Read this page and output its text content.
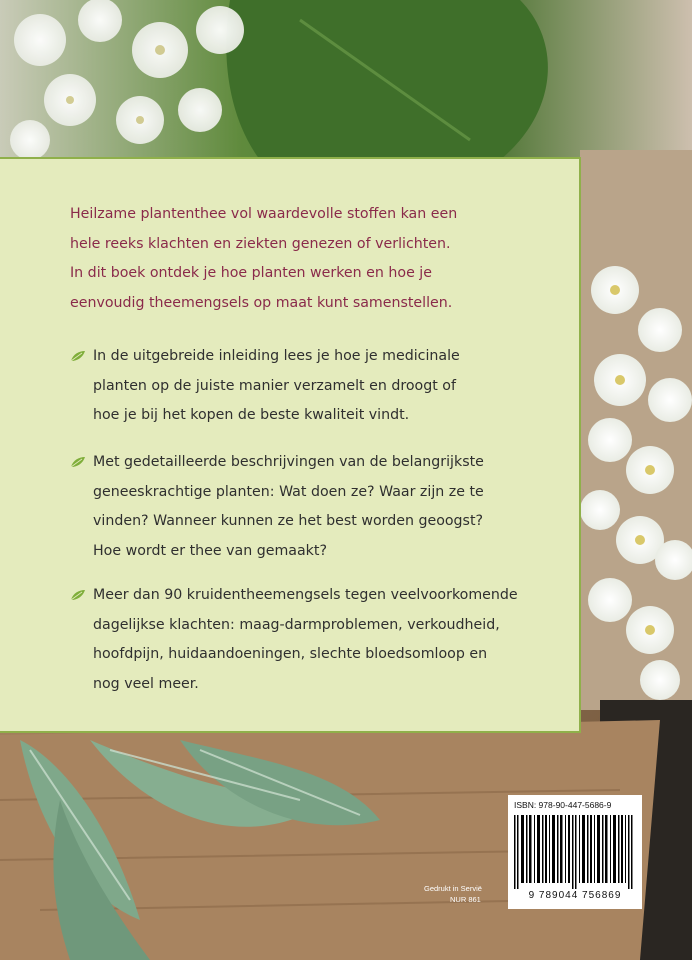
Heilzame plantenthee vol waardevolle stoffen kan een
hele reeks klachten en ziekten genezen of verlichten.
In dit boek ontdek je hoe planten werken en hoe je
eenvoudig theemengsels op maat kunt samenstellen.

In de uitgebreide inleiding lees je hoe je medicinale
planten op de juiste manier verzamelt en droogt of
hoe je bij het kopen de beste kwaliteit vindt.
Met gedetailleerde beschrijvingen van de belangrijkste
geneeskrachtige planten: Wat doen ze? Waar zijn ze te
vinden? Wanneer kunnen ze het best worden geoogst?
Hoe wordt er thee van gemaakt?
Meer dan 90 kruidentheemengsels tegen veelvoorkomende
dagelijkse klachten: maag-darmproblemen, verkoudheid,
hoofdpijn, huidaandoeningen, slechte bloedsomloop en
nog veel meer.
ISBN: 978-90-447-5686-9
9 789044 756869
Gedrukt in Servië
NUR 861
